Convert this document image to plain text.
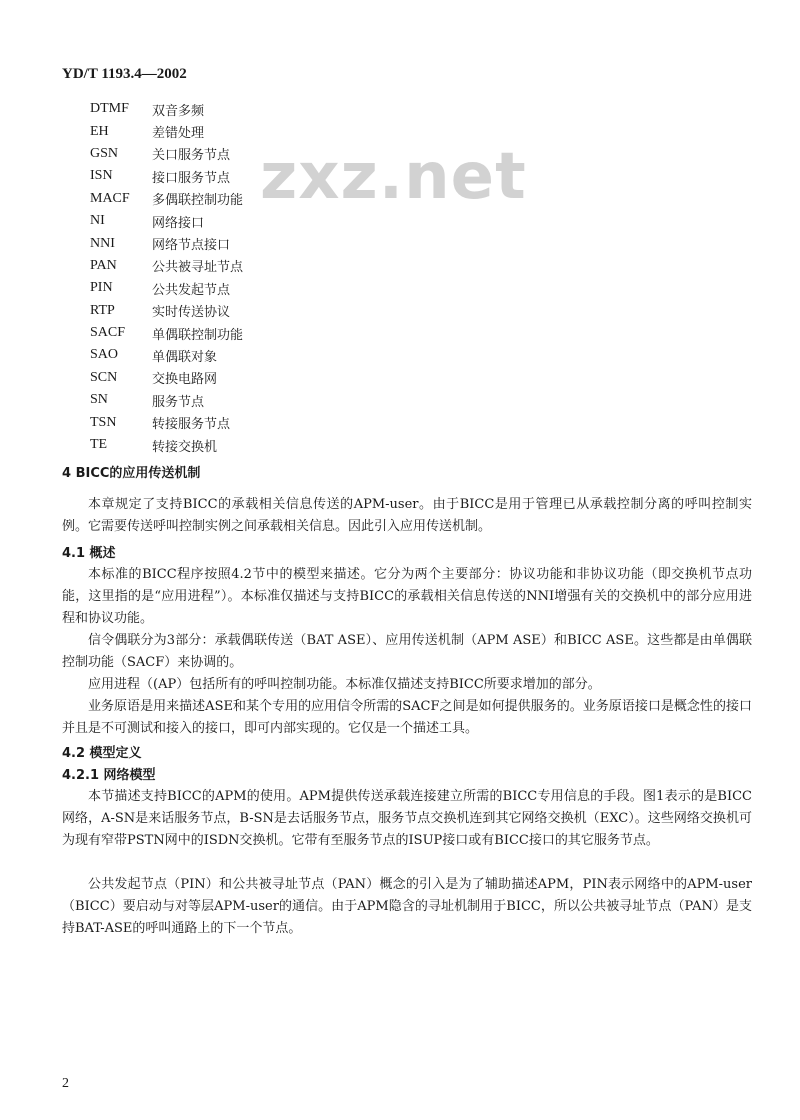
YD/T 1193.4—2002
zxz.net
DTMF	双音多频
EH	差错处理
GSN	关口服务节点
ISN	接口服务节点
MACF	多偶联控制功能
NI	网络接口
NNI	网络节点接口
PAN	公共被寻址节点
PIN	公共发起节点
RTP	实时传送协议
SACF	单偶联控制功能
SAO	单偶联对象
SCN	交换电路网
SN	服务节点
TSN	转接服务节点
TE	转接交换机
4 BICC的应用传送机制
本章规定了支持BICC的承载相关信息传送的APM-user。由于BICC是用于管理已从承载控制分离的呼叫控制实例。它需要传送呼叫控制实例之间承载相关信息。因此引入应用传送机制。
4.1 概述
本标准的BICC程序按照4.2节中的模型来描述。它分为两个主要部分：协议功能和非协议功能（即交换机节点功能，这里指的是“应用进程”）。本标准仅描述与支持BICC的承载相关信息传送的NNI增强有关的交换机中的部分应用进程和协议功能。
信令偶联分为3部分：承载偶联传送（BAT ASE）、应用传送机制（APM ASE）和BICC ASE。这些都是由单偶联控制功能（SACF）来协调的。
应用进程（(AP）包括所有的呼叫控制功能。本标准仅描述支持BICC所要求增加的部分。
业务原语是用来描述ASE和某个专用的应用信令所需的SACF之间是如何提供服务的。业务原语接口是概念性的接口并且是不可测试和接入的接口，即可内部实现的。它仅是一个描述工具。
4.2 模型定义
4.2.1 网络模型
本节描述支持BICC的APM的使用。APM提供传送承载连接建立所需的BICC专用信息的手段。图1表示的是BICC网络，A-SN是来话服务节点，B-SN是去话服务节点，服务节点交换机连到其它网络交换机（EXC）。这些网络交换机可为现有窄带PSTN网中的ISDN交换机。它带有至服务节点的ISUP接口或有BICC接口的其它服务节点。
公共发起节点（PIN）和公共被寻址节点（PAN）概念的引入是为了辅助描述APM，PIN表示网络中的APM-user（BICC）要启动与对等层APM-user的通信。由于APM隐含的寻址机制用于BICC，所以公共被寻址节点（PAN）是支持BAT-ASE的呼叫通路上的下一个节点。
2
